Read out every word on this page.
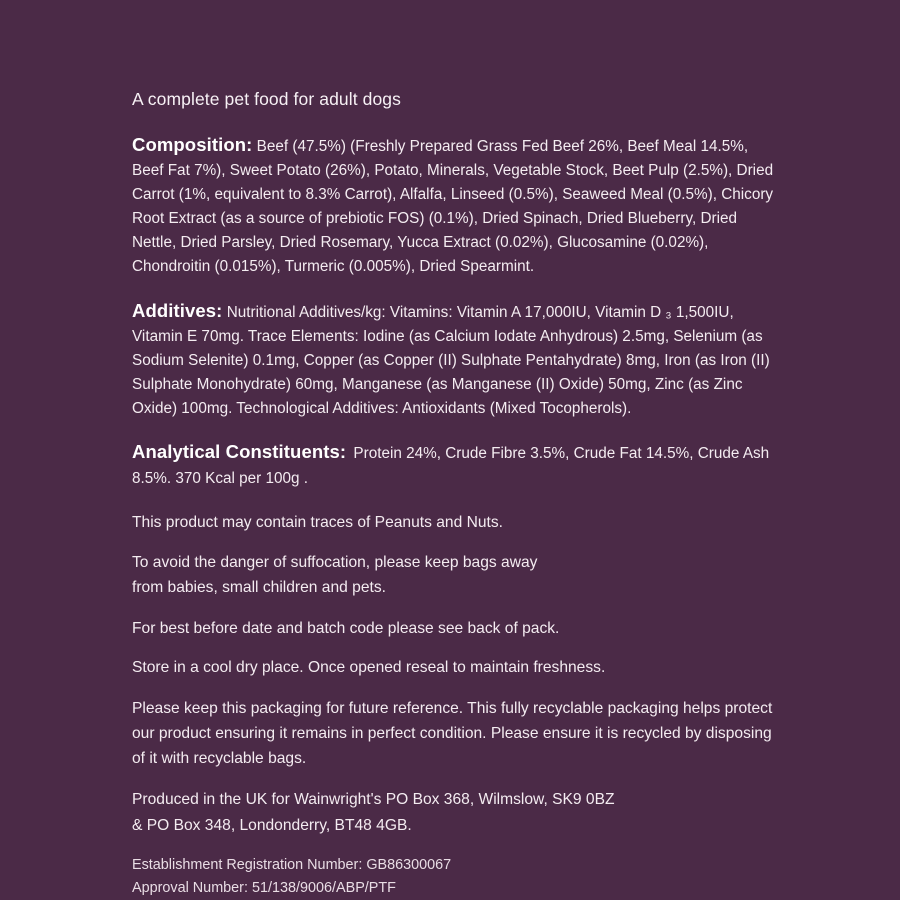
A complete pet food for adult dogs
Composition: Beef (47.5%) (Freshly Prepared Grass Fed Beef 26%, Beef Meal 14.5%, Beef Fat 7%), Sweet Potato (26%), Potato, Minerals, Vegetable Stock, Beet Pulp (2.5%), Dried Carrot (1%, equivalent to 8.3% Carrot), Alfalfa, Linseed (0.5%), Seaweed Meal (0.5%), Chicory Root Extract (as a source of prebiotic FOS) (0.1%), Dried Spinach, Dried Blueberry, Dried Nettle, Dried Parsley, Dried Rosemary, Yucca Extract (0.02%), Glucosamine (0.02%), Chondroitin (0.015%), Turmeric (0.005%), Dried Spearmint.
Additives: Nutritional Additives/kg: Vitamins: Vitamin A 17,000IU, Vitamin D ₃ 1,500IU, Vitamin E 70mg. Trace Elements: Iodine (as Calcium Iodate Anhydrous) 2.5mg, Selenium (as Sodium Selenite) 0.1mg, Copper (as Copper (II) Sulphate Pentahydrate) 8mg, Iron (as Iron (II) Sulphate Monohydrate) 60mg, Manganese (as Manganese (II) Oxide) 50mg, Zinc (as Zinc Oxide) 100mg. Technological Additives: Antioxidants (Mixed Tocopherols).
Analytical Constituents: Protein 24%, Crude Fibre 3.5%, Crude Fat 14.5%, Crude Ash 8.5%. 370 Kcal per 100g .
This product may contain traces of Peanuts and Nuts.
To avoid the danger of suffocation, please keep bags away
from babies, small children and pets.
For best before date and batch code please see back of pack.
Store in a cool dry place. Once opened reseal to maintain freshness.
Please keep this packaging for future reference. This fully recyclable packaging helps protect our product ensuring it remains in perfect condition. Please ensure it is recycled by disposing of it with recyclable bags.
Produced in the UK for Wainwright's PO Box 368, Wilmslow, SK9 0BZ
& PO Box 348, Londonderry, BT48 4GB.
Establishment Registration Number: GB86300067
Approval Number: 51/138/9006/ABP/PTF
